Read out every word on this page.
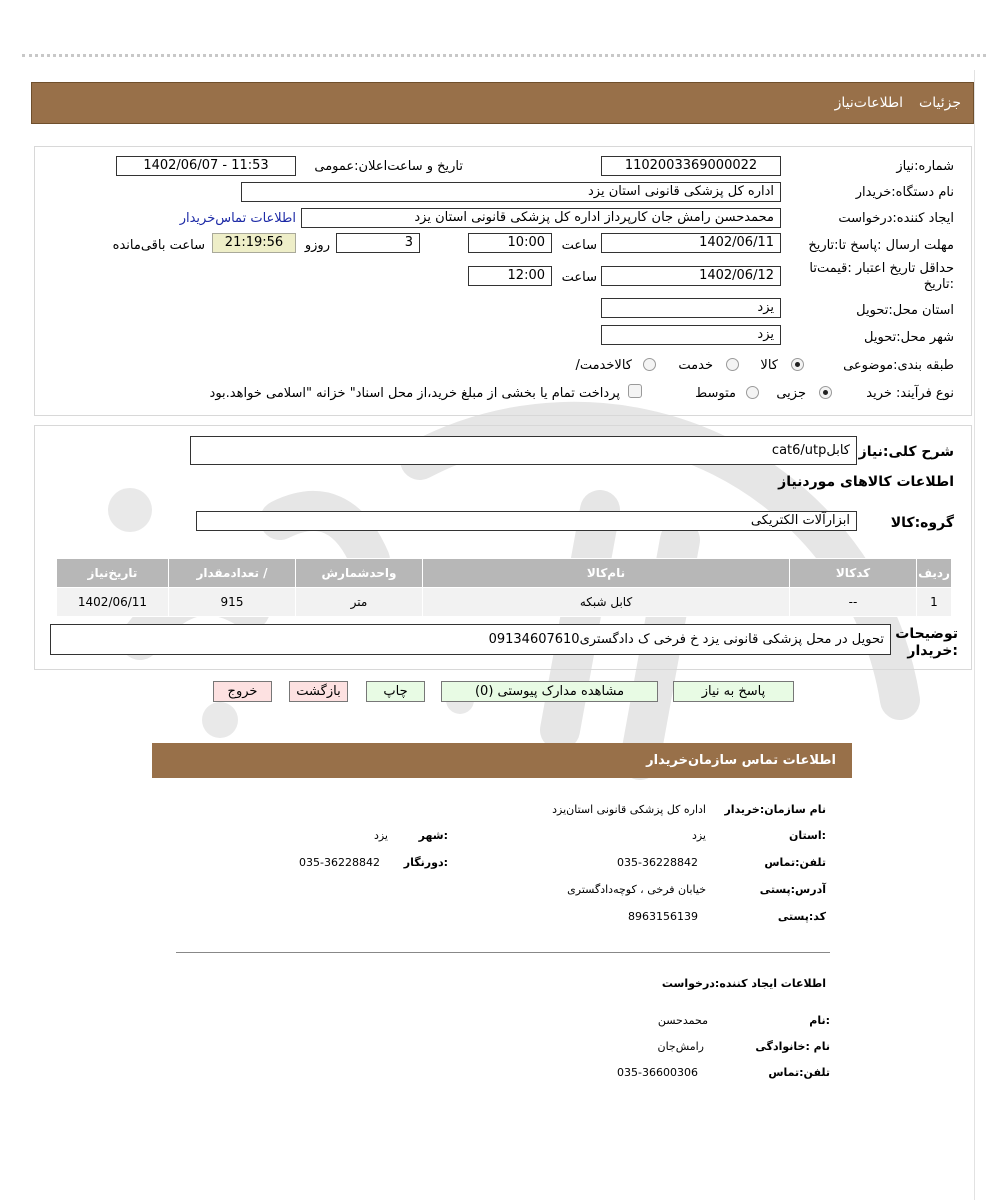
جزئیات
اطلاعات‌نیاز
شماره:نیاز
1102003369000022
تاریخ و ساعت‌اعلان:عمومی
1402/06/07 - 11:53
نام دستگاه:خریدار
اداره کل پزشکی قانونی استان یزد
ایجاد کننده:درخواست
محمدحسن رامش جان کارپرداز اداره کل پزشکی قانونی استان یزد
اطلاعات تماس‌خریدار
مهلت ارسال :پاسخ تا:تاریخ
1402/06/11
ساعت
10:00
3
روزو
21:19:56
ساعت باقی‌مانده
حداقل تاریخ اعتبار :قیمت‌تا
:تاریخ
1402/06/12
ساعت
12:00
استان محل:تحویل
یزد
شهر محل:تحویل
یزد
طبقه بندی:موضوعی
کالا
خدمت
کالاخدمت/
نوع فرآیند: خرید
جزیی
متوسط
پرداخت تمام یا بخشی از مبلغ خرید،از محل اسناد" خزانه "اسلامی خواهد.بود
شرح کلی:نیاز
کابلcat6/utp
اطلاعات کالاهای موردنیاز
گروه:کالا
ابزارآلات الکتریکی
ردیف	کدکالا	نام‌کالا	واحدشمارش	/ تعدادمقدار	تاریخ‌نیاز
1	--	کابل شبکه	متر	915	1402/06/11
توضیحات
:خریدار
تحویل در محل پزشکی قانونی یزد خ فرخی ک دادگستری09134607610
پاسخ به نیاز
مشاهده مدارک پیوستی (0)
چاپ
بازگشت
خروج
اطلاعات تماس سازمان‌خریدار
نام سازمان:خریدار
اداره کل پزشکی قانونی استان‌یزد
:استان
یزد
:شهر
یزد
تلفن:تماس
035-36228842
:دورنگار
035-36228842
آدرس:پستی
خیابان فرخی ، کوچه‌دادگستری
کد:پستی
8963156139
اطلاعات ایجاد کننده:درخواست
:نام
محمدحسن
نام :خانوادگی
رامش‌جان
تلفن:تماس
035-36600306
